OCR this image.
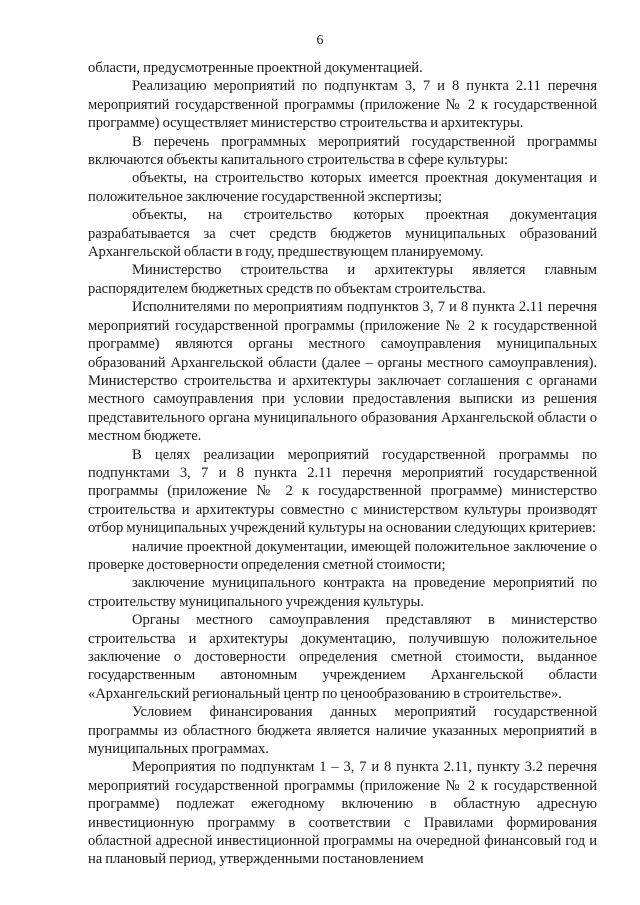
6

области, предусмотренные проектной документацией.

Реализацию мероприятий по подпунктам 3, 7 и 8 пункта 2.11 перечня мероприятий государственной программы (приложение № 2 к государственной программе) осуществляет министерство строительства и архитектуры.

В перечень программных мероприятий государственной программы включаются объекты капитального строительства в сфере культуры:

объекты, на строительство которых имеется проектная документация и положительное заключение государственной экспертизы;

объекты, на строительство которых проектная документация разрабатывается за счет средств бюджетов муниципальных образований Архангельской области в году, предшествующем планируемому.

Министерство строительства и архитектуры является главным распорядителем бюджетных средств по объектам строительства.

Исполнителями по мероприятиям подпунктов 3, 7 и 8 пункта 2.11 перечня мероприятий государственной программы (приложение № 2 к государственной программе) являются органы местного самоуправления муниципальных образований Архангельской области (далее – органы местного самоуправления). Министерство строительства и архитектуры заключает соглашения с органами местного самоуправления при условии предоставления выписки из решения представительного органа муниципального образования Архангельской области о местном бюджете.

В целях реализации мероприятий государственной программы по подпунктами 3, 7 и 8 пункта 2.11 перечня мероприятий государственной программы (приложение № 2 к государственной программе) министерство строительства и архитектуры совместно с министерством культуры производят отбор муниципальных учреждений культуры на основании следующих критериев:

наличие проектной документации, имеющей положительное заключение о проверке достоверности определения сметной стоимости;

заключение муниципального контракта на проведение мероприятий по строительству муниципального учреждения культуры.

Органы местного самоуправления представляют в министерство строительства и архитектуры документацию, получившую положительное заключение о достоверности определения сметной стоимости, выданное государственным автономным учреждением Архангельской области «Архангельский региональный центр по ценообразованию в строительстве».

Условием финансирования данных мероприятий государственной программы из областного бюджета является наличие указанных мероприятий в муниципальных программах.

Мероприятия по подпунктам 1 – 3, 7 и 8 пункта 2.11, пункту 3.2 перечня мероприятий государственной программы (приложение № 2 к государственной программе) подлежат ежегодному включению в областную адресную инвестиционную программу в соответствии с Правилами формирования областной адресной инвестиционной программы на очередной финансовый год и на плановый период, утвержденными постановлением
